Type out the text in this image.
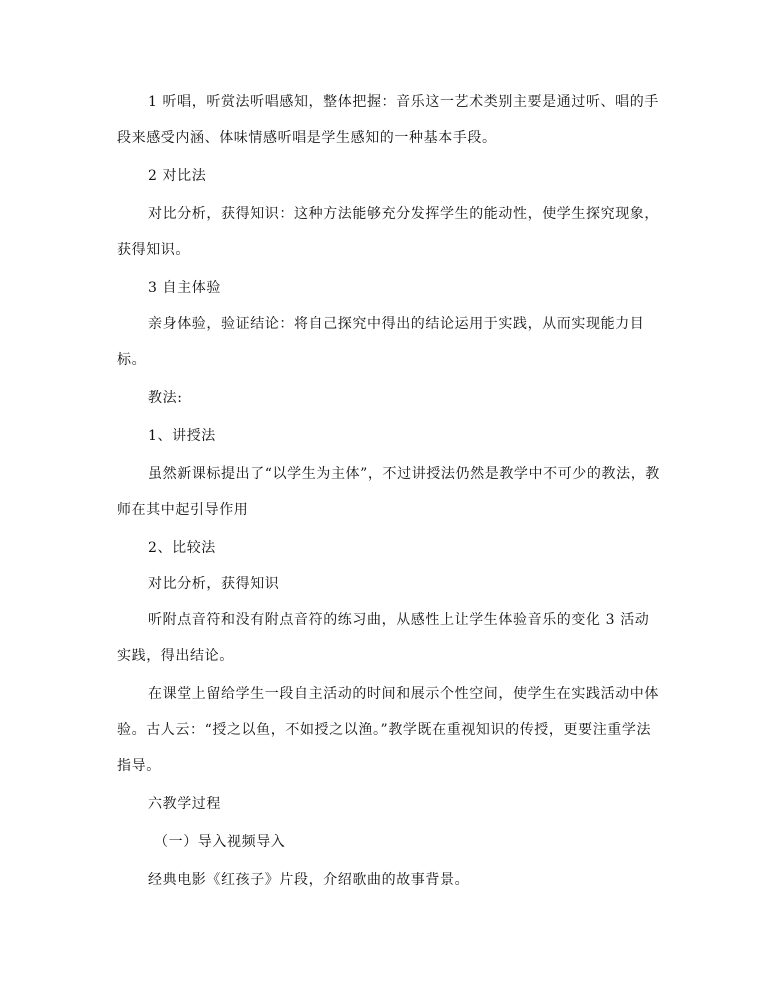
1 听唱，听赏法听唱感知，整体把握：音乐这一艺术类别主要是通过听、唱的手段来感受内涵、体味情感听唱是学生感知的一种基本手段。

2 对比法

对比分析，获得知识：这种方法能够充分发挥学生的能动性，使学生探究现象，获得知识。

3 自主体验

亲身体验，验证结论：将自己探究中得出的结论运用于实践，从而实现能力目标。

教法:

1、讲授法

虽然新课标提出了“以学生为主体”，不过讲授法仍然是教学中不可少的教法，教师在其中起引导作用

2、比较法

对比分析，获得知识

听附点音符和没有附点音符的练习曲，从感性上让学生体验音乐的变化 3 活动实践，得出结论。

在课堂上留给学生一段自主活动的时间和展示个性空间，使学生在实践活动中体验。古人云：“授之以鱼，不如授之以渔。”教学既在重视知识的传授，更要注重学法指导。

六教学过程

（一）导入视频导入

经典电影《红孩子》片段，介绍歌曲的故事背景。
